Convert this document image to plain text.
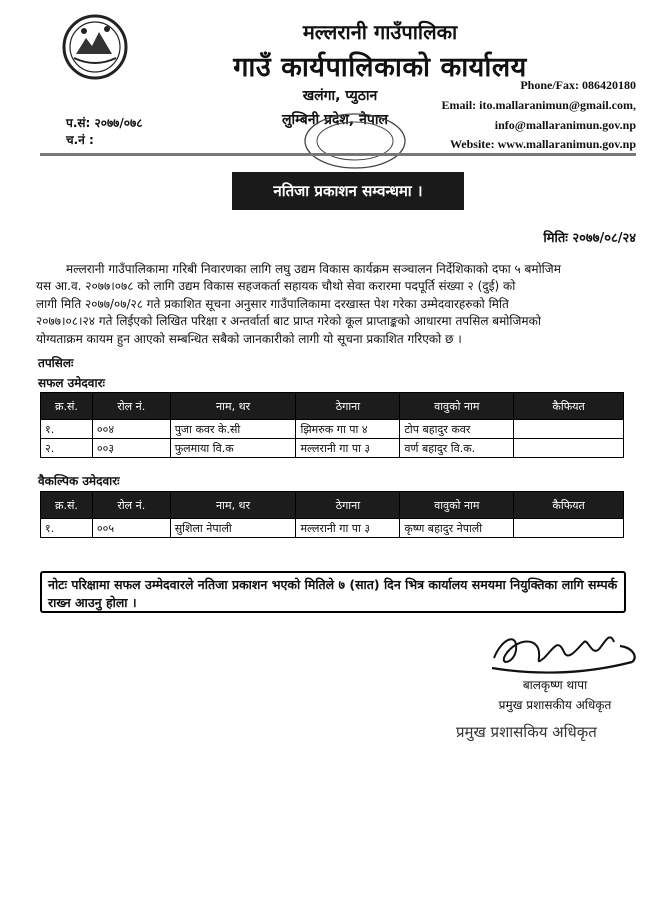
मल्लरानी गाउँपालिका
गाउँ कार्यपालिकाको कार्यालय
खलंगा, प्युठान
लुम्बिनी प्रदेश, नेपाल
Phone/Fax: 086420180
Email: ito.mallaranimun@gmail.com,
info@mallaranimun.gov.np
Website: www.mallaranimun.gov.np
प.सं: २०७७/०७८
च.नं :
नतिजा प्रकाशन सम्वन्धमा ।
मितिः २०७७/०८/२४
मल्लरानी गाउँपालिकामा गरिबी निवारणका लागि लघु उद्यम विकास कार्यक्रम सञ्चालन निर्देशिकाको दफा ५ बमोजिम
यस आ.व. २०७७।०७८ को लागि उद्यम विकास सहजकर्ता सहायक चौथो सेवा करारमा पदपूर्ति संख्या २ (दुई) को
लागी मिति २०७७/०७/२८ गते प्रकाशित सूचना अनुसार गाउँपालिकामा दरखास्त पेश गरेका उम्मेदवारहरुको मिति
२०७७।०८।२४ गते लिईएको लिखित परिक्षा र अन्तर्वार्ता बाट प्राप्त गरेको कूल प्राप्ताङ्कको आधारमा तपसिल बमोजिमको
योग्यताक्रम कायम हुन आएको सम्बन्धित सबैको जानकारीको लागी यो सूचना प्रकाशित गरिएको छ ।
तपसिलः
सफल उमेदवारः
क्र.सं.	रोल नं.	नाम, थर	ठेगाना	वावुको नाम	कैफियत
१.	००४	पुजा कवर के.सी	झिमरुक गा पा ४	टोप बहादुर कवर	
२.	००३	फुलमाया वि.क	मल्लरानी गा पा ३	वर्ण बहादुर वि.क.	
वैकल्पिक उमेदवारः
क्र.सं.	रोल नं.	नाम, थर	ठेगाना	वावुको नाम	कैफियत
१.	००५	सुशिला नेपाली	मल्लरानी गा पा ३	कृष्ण बहादुर नेपाली	
नोटः परिक्षामा सफल उम्मेदवारले नतिजा प्रकाशन भएको मितिले ७ (सात) दिन भित्र कार्यालय समयमा नियुक्तिका लागि सम्पर्क राख्न आउनु होला ।
बालकृष्ण थापा
प्रमुख प्रशासकीय अधिकृत
प्रमुख प्रशासकिय अधिकृत
